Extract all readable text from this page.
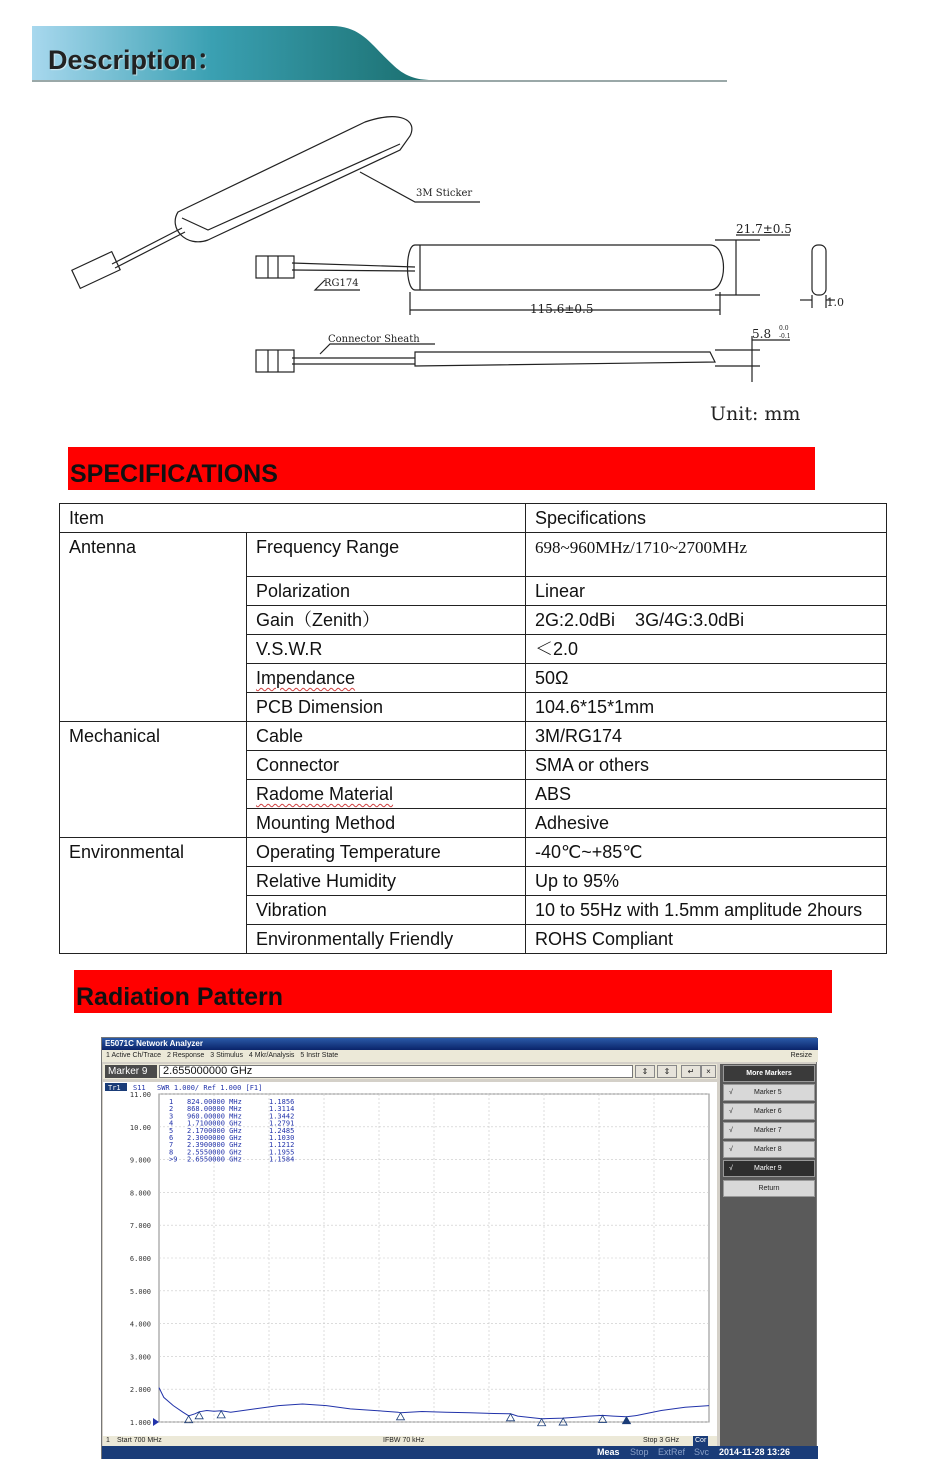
Description：
3M Sticker
RG174
21.7±0.5
115.6±0.5	1.0
Connector Sheath	5.8 0.0
-0.1
Unit: mm
SPECIFICATIONS
Item		Specifications
Antenna	Frequency Range	698~960MHz/1710~2700MHz
	Polarization	Linear
	Gain（Zenith）	2G:2.0dBi    3G/4G:3.0dBi
	V.S.W.R	＜2.0
	Impendance	50Ω
	PCB Dimension	104.6*15*1mm
Mechanical	Cable	3M/RG174
	Connector	SMA or others
	Radome Material	ABS
	Mounting Method	Adhesive
Environmental	Operating Temperature	-40℃~+85℃
	Relative Humidity	Up to 95%
	Vibration	10 to 55Hz with 1.5mm amplitude 2hours
	Environmentally Friendly	ROHS Compliant
Radiation Pattern
E5071C Network Analyzer
1 Active Ch/Trace 2 Response 3 Stimulus 4 Mkr/Analysis 5 Instr State	Resize
Marker 9	2.655000000 GHz	⇕	⇕	↵	×
Tr1 S11 SWR 1.000/ Ref 1.000 [F1]
11.00
10.00
9.000
8.000
7.000
6.000
5.000
4.000
3.000
2.000
1.000
1 824.00000 MHz	1.1856
2 868.00000 MHz	1.3114
3 960.00000 MHz	1.3442
4 1.7100000 GHz	1.2791
5 2.1700000 GHz	1.2485
6 2.3000000 GHz	1.1030
7 2.3900000 GHz	1.1212
8 2.5550000 GHz	1.1955
>9 2.6550000 GHz	1.1584
More Markers
√	Marker 5
√	Marker 6
√	Marker 7
√	Marker 8
√	Marker 9
Return
1 Start 700 MHz	IFBW 70 kHz	Stop 3 GHz Cor
Meas Stop ExtRef Svc 2014-11-28 13:26
